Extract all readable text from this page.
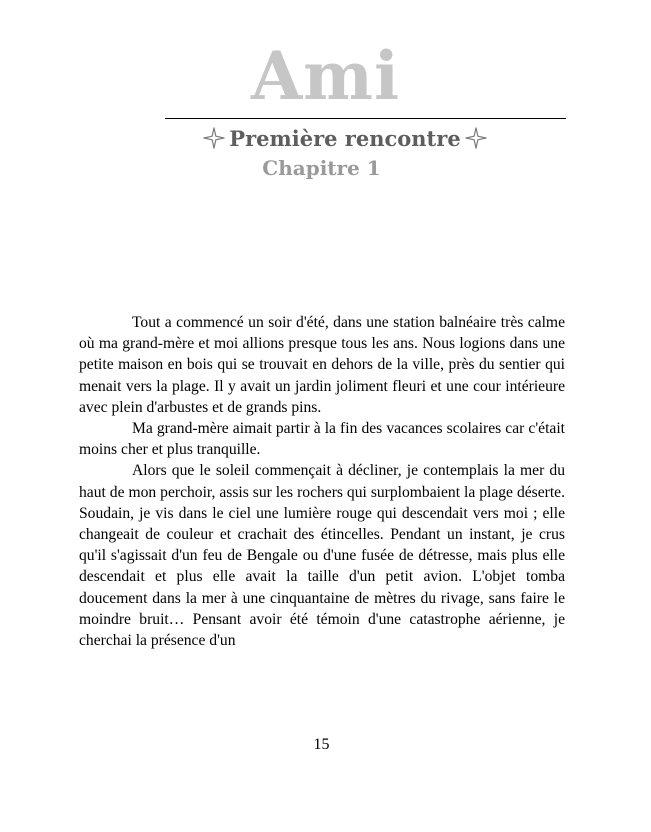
Ami
Première rencontre
Chapitre 1

Tout a commencé un soir d'été, dans une station balnéaire très calme où ma grand-mère et moi allions presque tous les ans. Nous logions dans une petite maison en bois qui se trouvait en dehors de la ville, près du sentier qui menait vers la plage. Il y avait un jardin joliment fleuri et une cour intérieure avec plein d'arbustes et de grands pins.

Ma grand-mère aimait partir à la fin des vacances scolaires car c'était moins cher et plus tranquille.

Alors que le soleil commençait à décliner, je contemplais la mer du haut de mon perchoir, assis sur les rochers qui surplombaient la plage déserte. Soudain, je vis dans le ciel une lumière rouge qui descendait vers moi ; elle changeait de couleur et crachait des étincelles. Pendant un instant, je crus qu'il s'agissait d'un feu de Bengale ou d'une fusée de détresse, mais plus elle descendait et plus elle avait la taille d'un petit avion. L'objet tomba doucement dans la mer à une cinquantaine de mètres du rivage, sans faire le moindre bruit… Pensant avoir été témoin d'une catastrophe aérienne, je cherchai la présence d'un

15
